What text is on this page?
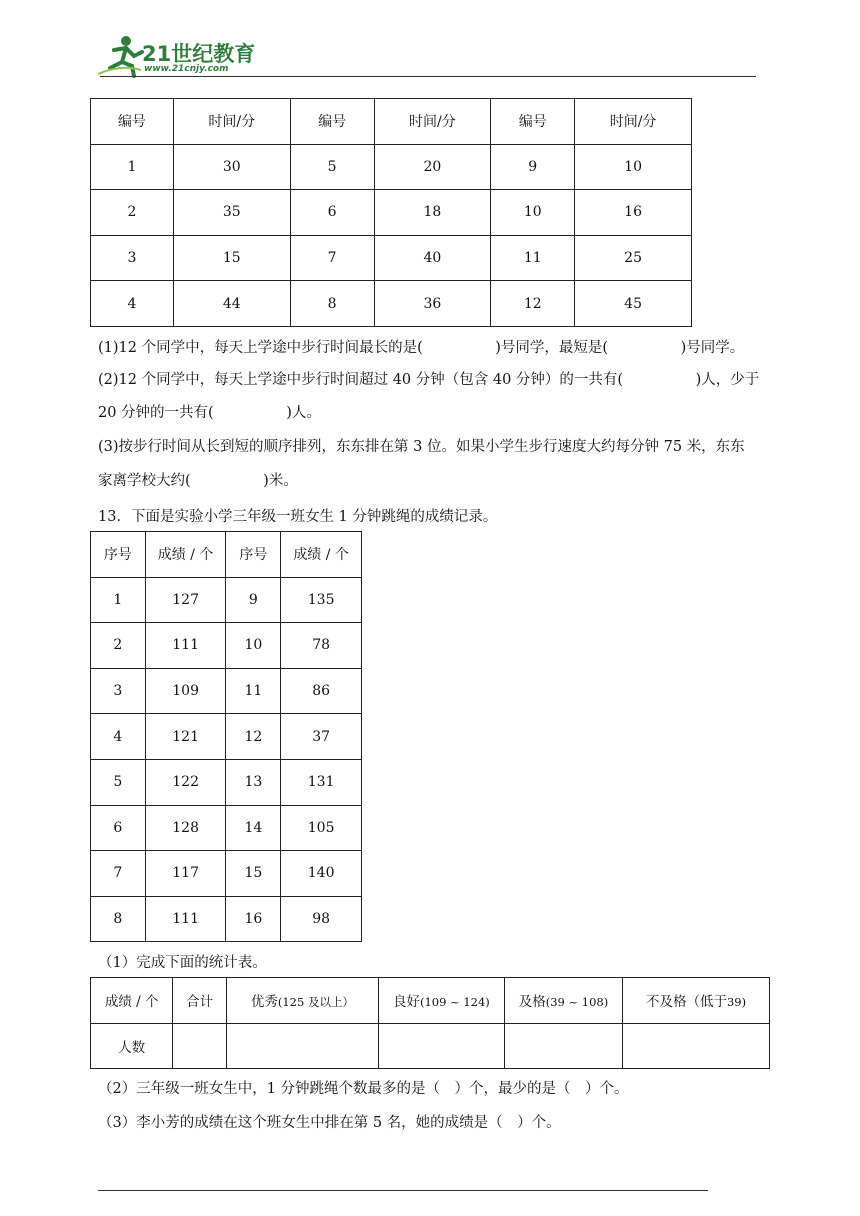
21世纪教育
www.21cnjy.com
编号	时间/分	编号	时间/分	编号	时间/分
1	30	5	20	9	10
2	35	6	18	10	16
3	15	7	40	11	25
4	44	8	36	12	45
(1)12 个同学中，每天上学途中步行时间最长的是(　　　　　)号同学，最短是(　　　　　)号同学。
(2)12 个同学中，每天上学途中步行时间超过 40 分钟（包含 40 分钟）的一共有(　　　　　)人，少于
20 分钟的一共有(　　　　　)人。
(3)按步行时间从长到短的顺序排列，东东排在第 3 位。如果小学生步行速度大约每分钟 75 米，东东
家离学校大约(　　　　　)米。
13．下面是实验小学三年级一班女生 1 分钟跳绳的成绩记录。
序号	成绩 / 个	序号	成绩 / 个
1	127	9	135
2	111	10	78
3	109	11	86
4	121	12	37
5	122	13	131
6	128	14	105
7	117	15	140
8	111	16	98
（1）完成下面的统计表。
成绩 / 个	合计	优秀(125 及以上）	良好(109 ~ 124)	及格(39 ~ 108)	不及格（低于39)
人数					
（2）三年级一班女生中，1 分钟跳绳个数最多的是（　）个，最少的是（　）个。
（3）李小芳的成绩在这个班女生中排在第 5 名，她的成绩是（　）个。
